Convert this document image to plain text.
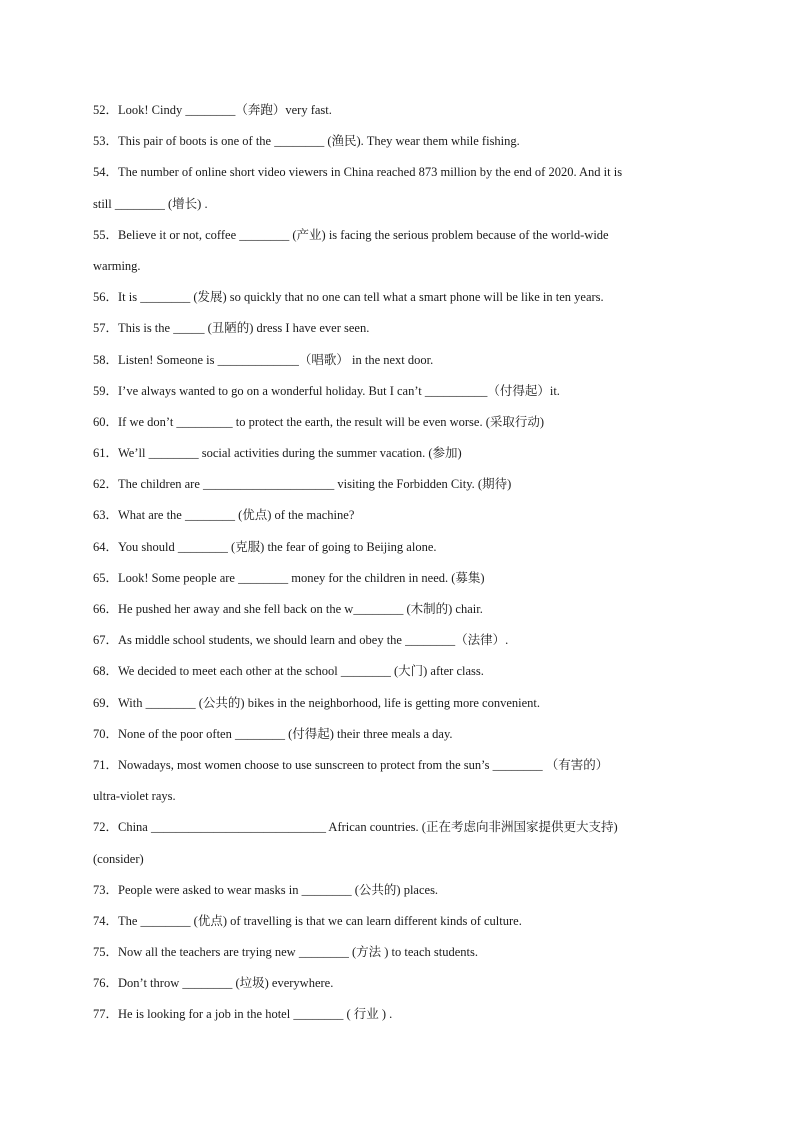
52．Look! Cindy ________（奔跑）very fast.
53．This pair of boots is one of the ________ (渔民). They wear them while fishing.
54．The number of online short video viewers in China reached 873 million by the end of 2020. And it is
still ________ (增长) .
55．Believe it or not, coffee ________ (产业) is facing the serious problem because of the world-wide
warming.
56．It is ________ (发展) so quickly that no one can tell what a smart phone will be like in ten years.
57．This is the _____ (丑陋的) dress I have ever seen.
58．Listen! Someone is _____________（唱歌） in the next door.
59．I’ve always wanted to go on a wonderful holiday. But I can’t __________（付得起）it.
60．If we don’t _________ to protect the earth, the result will be even worse. (采取行动)
61．We’ll ________ social activities during the summer vacation. (参加)
62．The children are _____________________ visiting the Forbidden City. (期待)
63．What are the ________ (优点) of the machine?
64．You should ________ (克服) the fear of going to Beijing alone.
65．Look! Some people are ________ money for the children in need. (募集)
66．He pushed her away and she fell back on the w________ (木制的) chair.
67．As middle school students, we should learn and obey the ________（法律）.
68．We decided to meet each other at the school ________ (大门) after class.
69．With ________ (公共的) bikes in the neighborhood, life is getting more convenient.
70．None of the poor often ________ (付得起) their three meals a day.
71．Nowadays, most women choose to use sunscreen to protect from the sun’s ________ （有害的）
ultra-violet rays.
72．China ____________________________ African countries. (正在考虑向非洲国家提供更大支持)
(consider)
73．People were asked to wear masks in ________ (公共的) places.
74．The ________ (优点) of travelling is that we can learn different kinds of culture.
75．Now all the teachers are trying new ________ (方法 ) to teach students.
76．Don’t throw ________ (垃圾) everywhere.
77．He is looking for a job in the hotel ________ ( 行业 ) .
